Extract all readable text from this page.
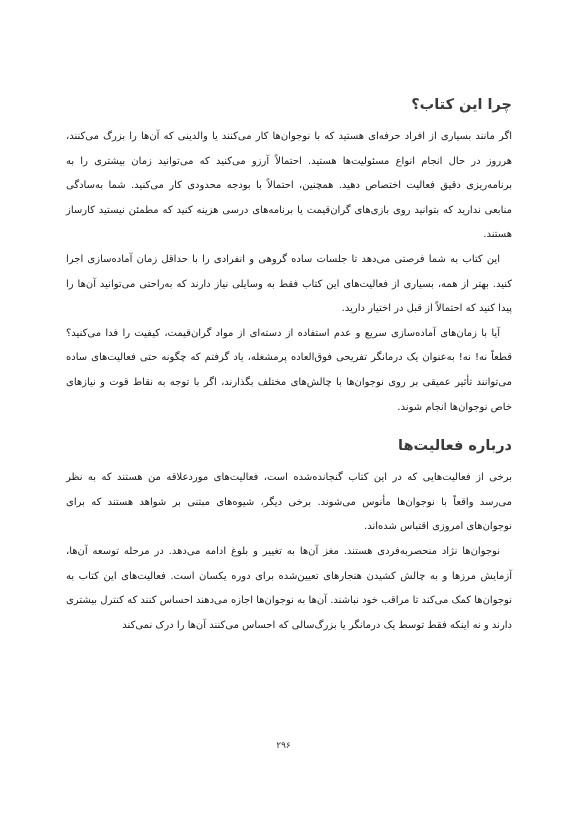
چرا این کتاب؟

اگر مانند بسیاری از افراد حرفه‌ای هستید که با نوجوان‌ها کار می‌کنند یا والدینی که آن‌ها را بزرگ می‌کنند، هرروز در حال انجام انواع مسئولیت‌ها هستید. احتمالاً آرزو می‌کنید که می‌توانید زمان بیشتری را به برنامه‌ریزی دقیق فعالیت اختصاص دهید. همچنین، احتمالاً با بودجه محدودی کار می‌کنید. شما به‌سادگی منابعی ندارید که بتوانید روی بازی‌های گران‌قیمت یا برنامه‌های درسی هزینه کنید که مطمئن نیستید کارساز هستند.

این کتاب به شما فرصتی می‌دهد تا جلسات ساده گروهی و انفرادی را با حداقل زمان آماده‌سازی اجرا کنید. بهتر از همه، بسیاری از فعالیت‌های این کتاب فقط به وسایلی نیاز دارند که به‌راحتی می‌توانید آن‌ها را پیدا کنید که احتمالاً از قبل در اختیار دارید.

آیا با زمان‌های آماده‌سازی سریع و عدم استفاده از دسته‌ای از مواد گران‌قیمت، کیفیت را فدا می‌کنید؟ قطعاً نه! نه! به‌عنوان یک درمانگر تفریحی فوق‌العاده پرمشغله، یاد گرفتم که چگونه حتی فعالیت‌های ساده می‌توانند تأثیر عمیقی بر روی نوجوان‌ها با چالش‌های مختلف بگذارند، اگر با توجه به نقاط قوت و نیازهای خاص نوجوان‌ها انجام شوند.

درباره فعالیت‌ها

برخی از فعالیت‌هایی که در این کتاب گنجانده‌شده است، فعالیت‌های موردعلاقه من هستند که به نظر می‌رسد واقعاً با نوجوان‌ها مأنوس می‌شوند. برخی دیگر، شیوه‌های مبتنی بر شواهد هستند که برای نوجوان‌های امروزی اقتباس شده‌اند.

نوجوان‌ها نژاد منحصربه‌فردی هستند. مغز آن‌ها به تغییر و بلوغ ادامه می‌دهد. در مرحله توسعه آن‌ها، آزمایش مرزها و به چالش کشیدن هنجارهای تعیین‌شده برای دوره یکسان است. فعالیت‌های این کتاب به نوجوان‌ها کمک می‌کند تا مراقب خود نباشند. آن‌ها به نوجوان‌ها اجازه می‌دهند احساس کنند که کنترل بیشتری دارند و نه اینکه فقط توسط یک درمانگر یا بزرگ‌سالی که احساس می‌کنند آن‌ها را درک نمی‌کند

۲۹۶
